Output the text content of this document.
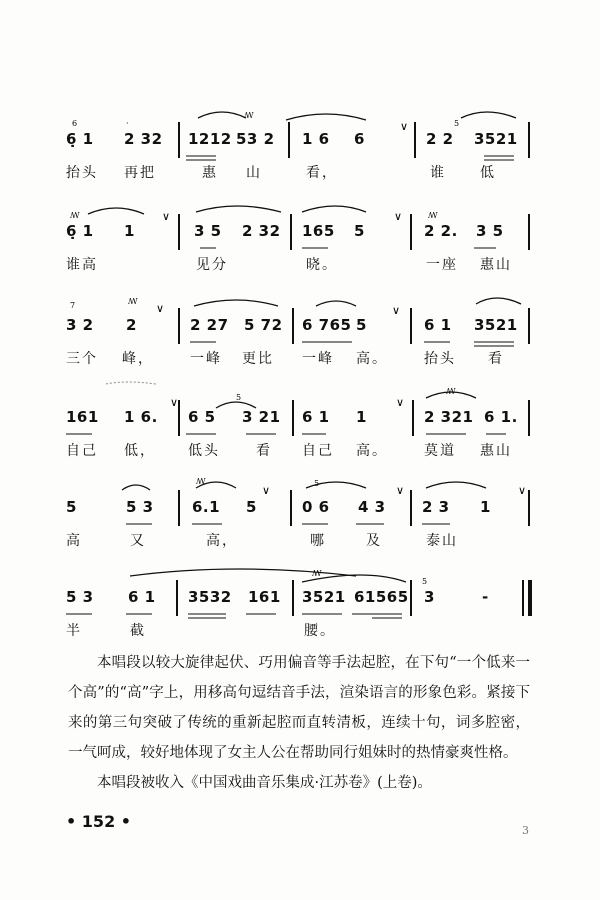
6	·
ꟿ
5
∨
6̣ 1 2 32 1212 53 2 1 6 6	2 2 3521
抬头 再把	惠 山	看，	谁 低
ꟿ	∨	∨	ꟿ
6̣ 1 1	3 5 2 32 165 5	2 2. 3 5
谁高	见分	晓。	一座 惠山
7	ꟿ
∨	∨
3 2 2	2 27 5 72 6 765 5	6 1 3521
三个 峰，	一峰 更比 一峰 高。	抬头 看
∨	∨
5
ꟿ
161 1 6. 6 5 3 21 6 1 1	2 321 6 1.
自己 低， 低头	看 自己 高。	莫道 惠山
ꟿ
∨
5
∨	∨
5	5 3	6.1 5	0 6 4 3 2 3 1
高	又	高，	哪	及	泰山
ꟿ
5
5 3 6 1 3532 161 3521 61565 3	-
半	截	腰。

本唱段以较大旋律起伏、巧用偏音等手法起腔，在下句“一个低来一个高”的“高”字上，用移高句逗结音手法，渲染语言的形象色彩。紧接下来的第三句突破了传统的重新起腔而直转清板，连续十句，词多腔密，一气呵成，较好地体现了女主人公在帮助同行姐妹时的热情豪爽性格。

本唱段被收入《中国戏曲音乐集成·江苏卷》(上卷)。

• 152 •	3
